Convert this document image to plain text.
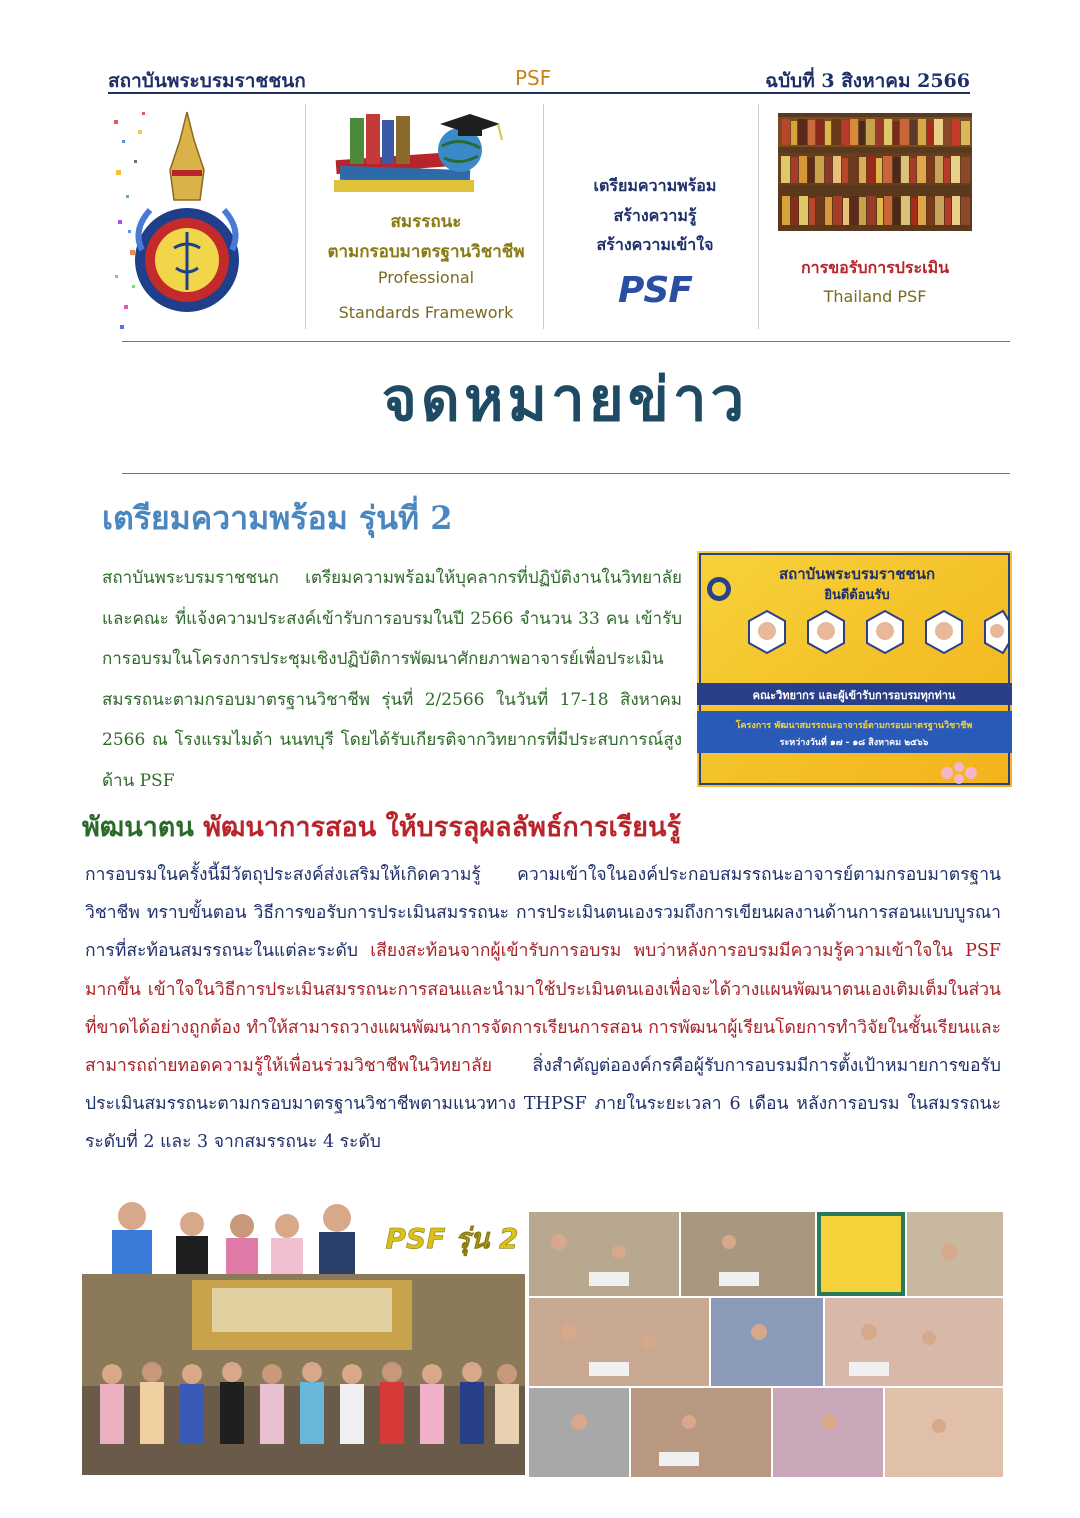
สถาบันพระบรมราชชนก	PSF	ฉบับที่ 3 สิงหาคม 2566
สมรรถนะ
ตามกรอบมาตรฐานวิชาชีพ
Professional
Standards Framework
เตรียมความพร้อม
สร้างความรู้
สร้างความเข้าใจ
PSF
การขอรับการประเมิน
Thailand PSF
จดหมายข่าว
เตรียมความพร้อม รุ่นที่ 2
สถาบันพระบรมราชชนก เตรียมความพร้อมให้บุคลากรที่ปฏิบัติงานในวิทยาลัยและคณะ ที่แจ้งความประสงค์เข้ารับการอบรมในปี 2566 จำนวน 33 คน เข้ารับการอบรมในโครงการประชุมเชิงปฏิบัติการพัฒนาศักยภาพอาจารย์เพื่อประเมินสมรรถนะตามกรอบมาตรฐานวิชาชีพ รุ่นที่ 2/2566 ในวันที่ 17-18 สิงหาคม 2566 ณ โรงแรมไมด้า นนทบุรี โดยได้รับเกียรติจากวิทยากรที่มีประสบการณ์สูงด้าน PSF
สถาบันพระบรมราชชนก
ยินดีต้อนรับ
คณะวิทยากร และผู้เข้ารับการอบรมทุกท่าน
โครงการ พัฒนาสมรรถนะอาจารย์ตามกรอบมาตรฐานวิชาชีพ
ระหว่างวันที่ ๑๗ - ๑๘ สิงหาคม ๒๕๖๖
พัฒนาตน พัฒนาการสอน ให้บรรลุผลลัพธ์การเรียนรู้
การอบรมในครั้งนี้มีวัตถุประสงค์ส่งเสริมให้เกิดความรู้ ความเข้าใจในองค์ประกอบสมรรถนะอาจารย์ตามกรอบมาตรฐานวิชาชีพ ทราบขั้นตอน วิธีการขอรับการประเมินสมรรถนะ การประเมินตนเองรวมถึงการเขียนผลงานด้านการสอนแบบบูรณาการที่สะท้อนสมรรถนะในแต่ละระดับ เสียงสะท้อนจากผู้เข้ารับการอบรม พบว่าหลังการอบรมมีความรู้ความเข้าใจใน PSF มากขึ้น เข้าใจในวิธีการประเมินสมรรถนะการสอนและนำมาใช้ประเมินตนเองเพื่อจะได้วางแผนพัฒนาตนเองเติมเต็มในส่วนที่ขาดได้อย่างถูกต้อง ทำให้สามารถวางแผนพัฒนาการจัดการเรียนการสอน การพัฒนาผู้เรียนโดยการทำวิจัยในชั้นเรียนและ สามารถถ่ายทอดความรู้ให้เพื่อนร่วมวิชาชีพในวิทยาลัย สิ่งสำคัญต่อองค์กรคือผู้รับการอบรมมีการตั้งเป้าหมายการขอรับประเมินสมรรถนะตามกรอบมาตรฐานวิชาชีพตามแนวทาง THPSF ภายในระยะเวลา 6 เดือน หลังการอบรม ในสมรรถนะระดับที่ 2 และ 3 จากสมรรถนะ 4 ระดับ
PSF รุ่น 2
